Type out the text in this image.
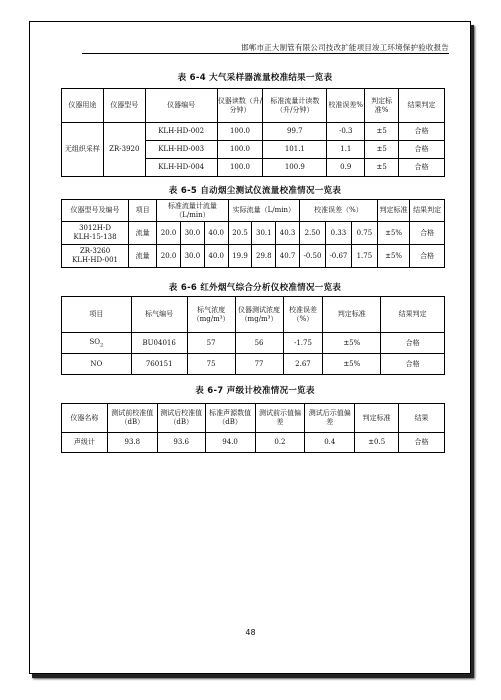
邯郸市正大制管有限公司技改扩能项目竣工环境保护验收报告
表 6-4 大气采样器流量校准结果一览表
仪器用途	仪器型号	仪器编号	仪器读数（升/分钟）	标准流量计读数（升/分钟）	校准误差%	判定标准%	结果判定
无组织采样	ZR-3920	KLH-HD-002	100.0	99.7	-0.3	±5	合格
		KLH-HD-003	100.0	101.1	1.1	±5	合格
		KLH-HD-004	100.0	100.9	0.9	±5	合格
表 6-5 自动烟尘测试仪流量校准情况一览表
仪器型号及编号	项目	标准流量计流量（L/min）			实际流量（L/min）			校准误差（%）			判定标准	结果判定
3012H-D
KLH-15-138	流量	20.0	30.0	40.0	20.5	30.1	40.3	2.50	0.33	0.75	±5%	合格
ZR-3260
KLH-HD-001	流量	20.0	30.0	40.0	19.9	29.8	40.7	-0.50	-0.67	1.75	±5%	合格
表 6-6 红外烟气综合分析仪校准情况一览表
项目	标气编号	标气浓度（mg/m³）	仪器测试浓度（mg/m³）	校准误差（%）	判定标准	结果判定
$SO_2$	BU04016	57	56	-1.75	±5%	合格
NO	760151	75	77	2.67	±5%	合格
表 6-7 声级计校准情况一览表
仪器名称	测试前校准值（dB）	测试后校准值（dB）	标准声源数值（dB）	测试前示值偏差	测试后示值偏差	判定标准	结果
声级计	93.8	93.6	94.0	0.2	0.4	±0.5	合格
48
